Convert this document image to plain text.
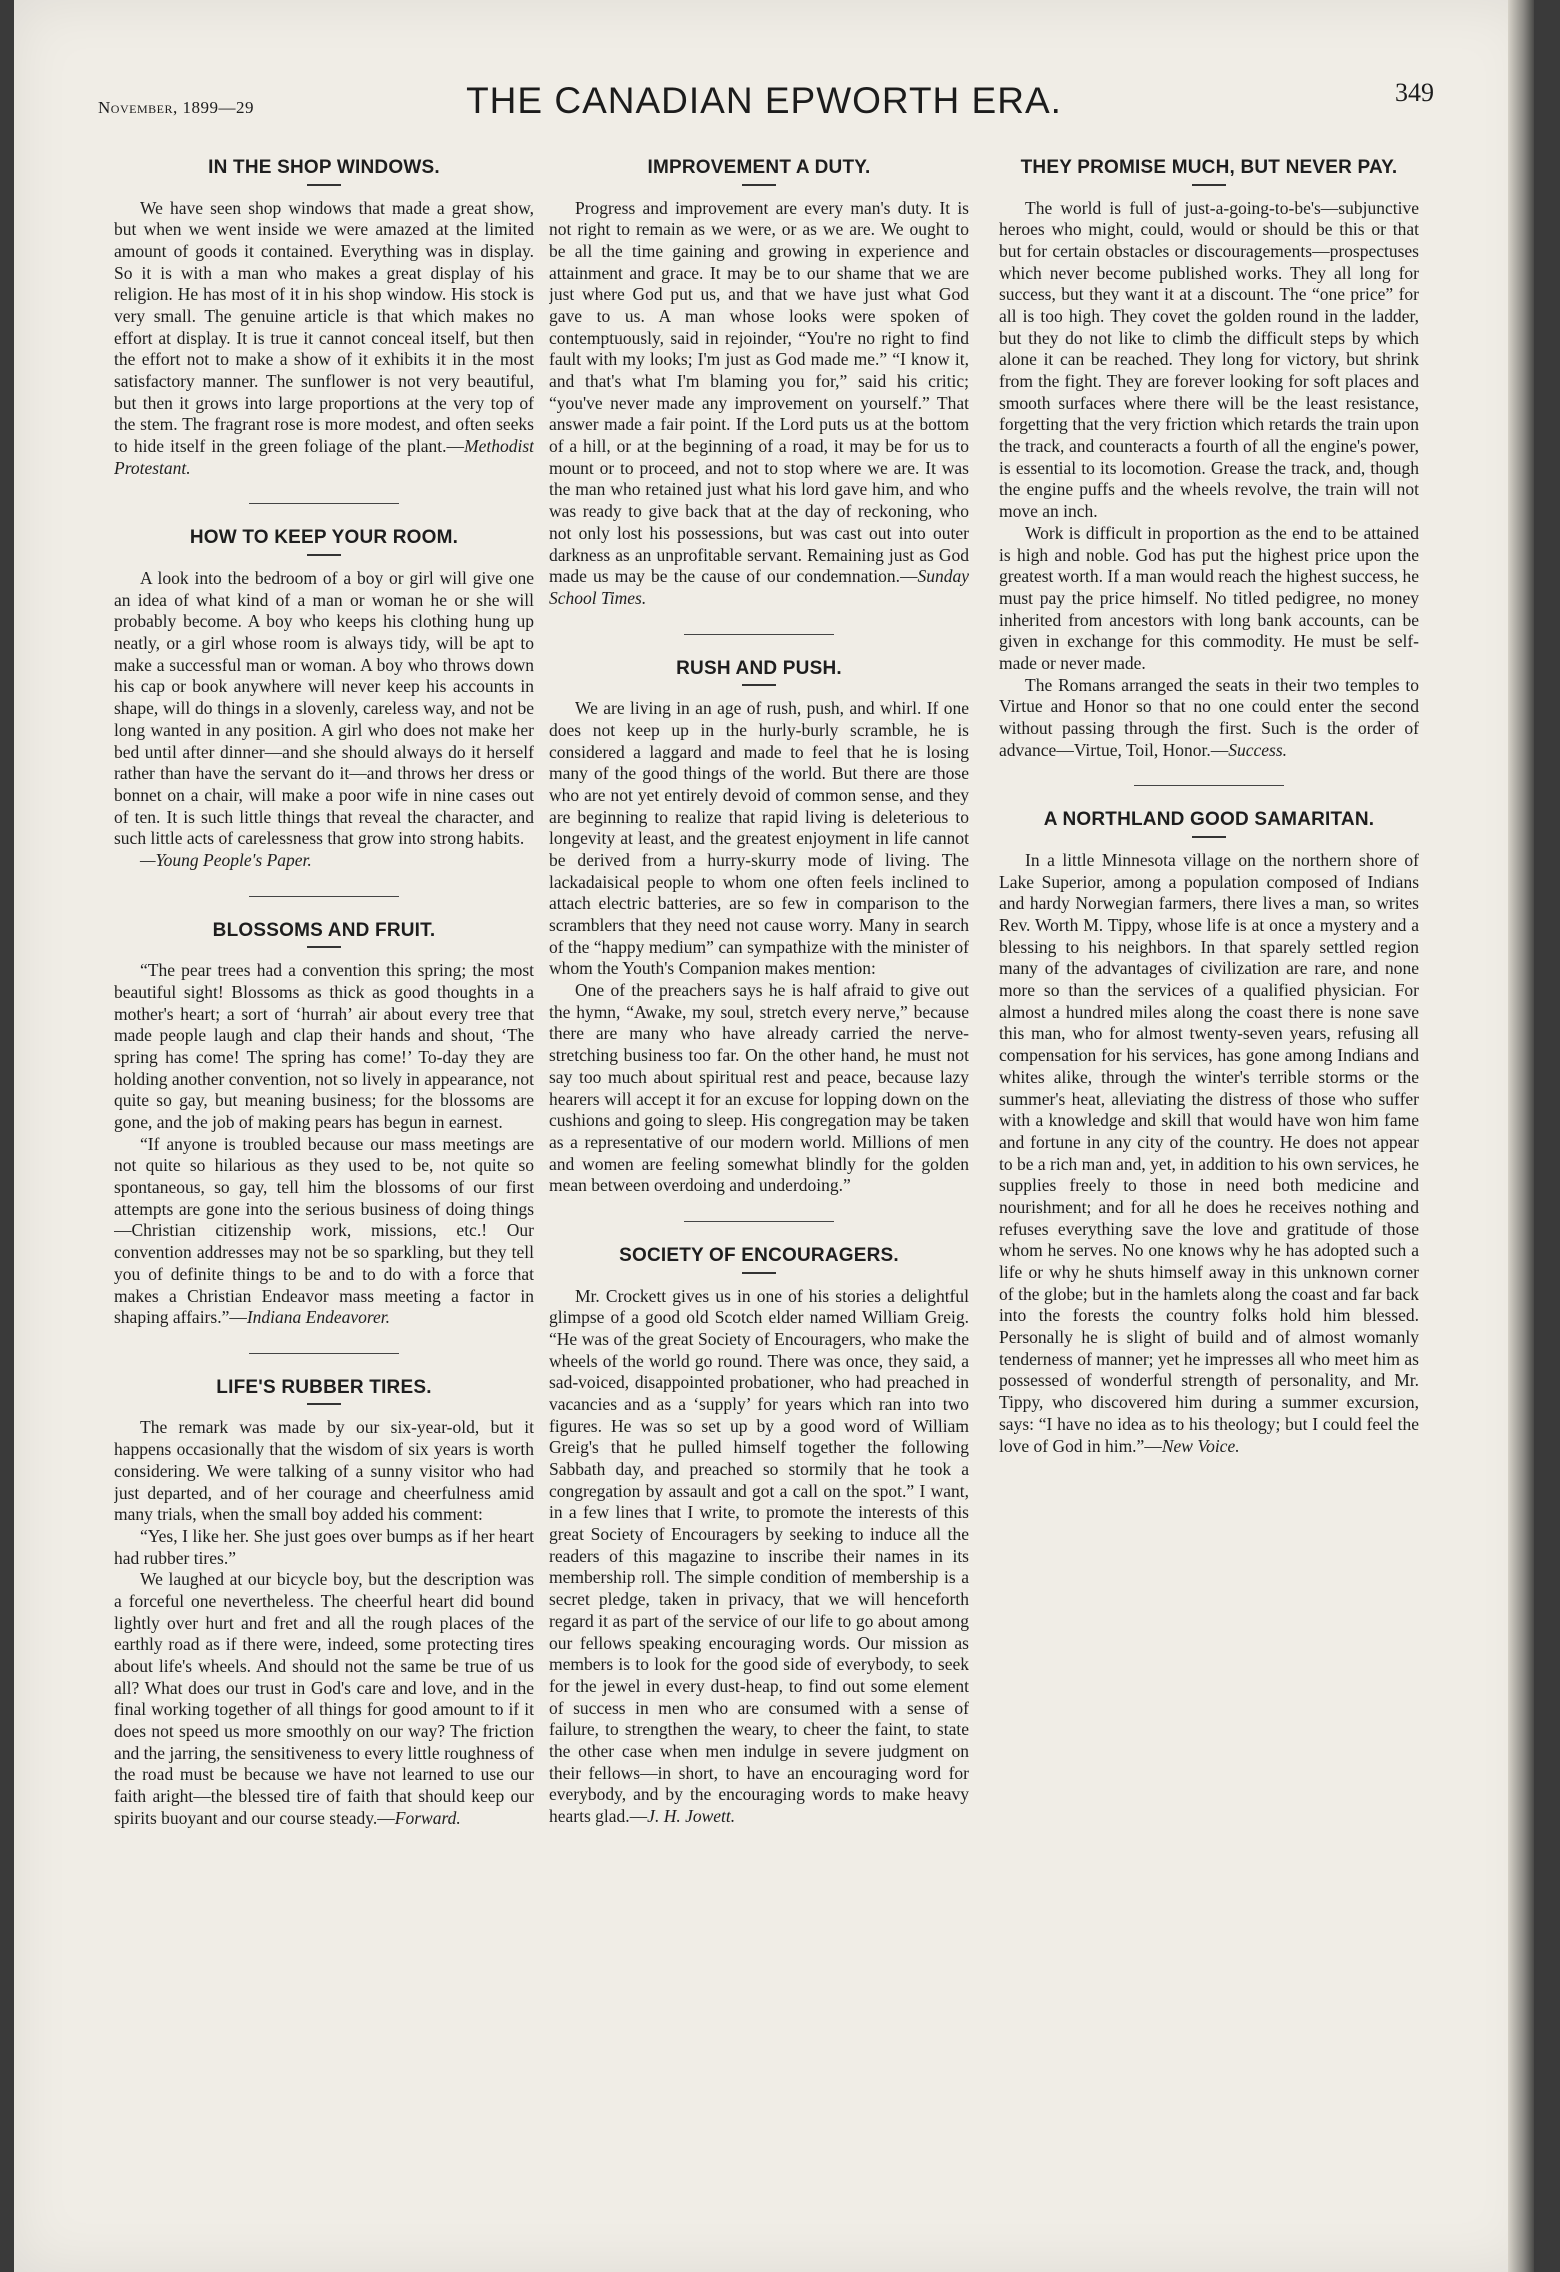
November, 1899—29	THE CANADIAN EPWORTH ERA.	349
IN THE SHOP WINDOWS.

We have seen shop windows that made a great show, but when we went inside we were amazed at the limited amount of goods it contained. Everything was in display. So it is with a man who makes a great display of his religion. He has most of it in his shop window. His stock is very small. The genuine article is that which makes no effort at display. It is true it cannot conceal itself, but then the effort not to make a show of it exhibits it in the most satisfactory manner. The sunflower is not very beautiful, but then it grows into large proportions at the very top of the stem. The fragrant rose is more modest, and often seeks to hide itself in the green foliage of the plant.—Methodist Protestant.

HOW TO KEEP YOUR ROOM.

A look into the bedroom of a boy or girl will give one an idea of what kind of a man or woman he or she will probably become. A boy who keeps his clothing hung up neatly, or a girl whose room is always tidy, will be apt to make a successful man or woman. A boy who throws down his cap or book anywhere will never keep his accounts in shape, will do things in a slovenly, careless way, and not be long wanted in any position. A girl who does not make her bed until after dinner—and she should always do it herself rather than have the servant do it—and throws her dress or bonnet on a chair, will make a poor wife in nine cases out of ten. It is such little things that reveal the character, and such little acts of carelessness that grow into strong habits.

—Young People's Paper.

BLOSSOMS AND FRUIT.

“The pear trees had a convention this spring; the most beautiful sight! Blossoms as thick as good thoughts in a mother's heart; a sort of ‘hurrah’ air about every tree that made people laugh and clap their hands and shout, ‘The spring has come! The spring has come!’ To-day they are holding another convention, not so lively in appearance, not quite so gay, but meaning business; for the blossoms are gone, and the job of making pears has begun in earnest.

“If anyone is troubled because our mass meetings are not quite so hilarious as they used to be, not quite so spontaneous, so gay, tell him the blossoms of our first attempts are gone into the serious business of doing things—Christian citizenship work, missions, etc.! Our convention addresses may not be so sparkling, but they tell you of definite things to be and to do with a force that makes a Christian Endeavor mass meeting a factor in shaping affairs.”—Indiana Endeavorer.

LIFE'S RUBBER TIRES.

The remark was made by our six-year-old, but it happens occasionally that the wisdom of six years is worth considering. We were talking of a sunny visitor who had just departed, and of her courage and cheerfulness amid many trials, when the small boy added his comment:

“Yes, I like her. She just goes over bumps as if her heart had rubber tires.”

We laughed at our bicycle boy, but the description was a forceful one nevertheless. The cheerful heart did bound lightly over hurt and fret and all the rough places of the earthly road as if there were, indeed, some protecting tires about life's wheels. And should not the same be true of us all? What does our trust in God's care and love, and in the final working together of all things for good amount to if it does not speed us more smoothly on our way? The friction and the jarring, the sensitiveness to every little roughness of the road must be because we have not learned to use our faith aright—the blessed tire of faith that should keep our spirits buoyant and our course steady.—Forward.

IMPROVEMENT A DUTY.

Progress and improvement are every man's duty. It is not right to remain as we were, or as we are. We ought to be all the time gaining and growing in experience and attainment and grace. It may be to our shame that we are just where God put us, and that we have just what God gave to us. A man whose looks were spoken of contemptuously, said in rejoinder, “You're no right to find fault with my looks; I'm just as God made me.” “I know it, and that's what I'm blaming you for,” said his critic; “you've never made any improvement on yourself.” That answer made a fair point. If the Lord puts us at the bottom of a hill, or at the beginning of a road, it may be for us to mount or to proceed, and not to stop where we are. It was the man who retained just what his lord gave him, and who was ready to give back that at the day of reckoning, who not only lost his possessions, but was cast out into outer darkness as an unprofitable servant. Remaining just as God made us may be the cause of our condemnation.—Sunday School Times.

RUSH AND PUSH.

We are living in an age of rush, push, and whirl. If one does not keep up in the hurly-burly scramble, he is considered a laggard and made to feel that he is losing many of the good things of the world. But there are those who are not yet entirely devoid of common sense, and they are beginning to realize that rapid living is deleterious to longevity at least, and the greatest enjoyment in life cannot be derived from a hurry-skurry mode of living. The lackadaisical people to whom one often feels inclined to attach electric batteries, are so few in comparison to the scramblers that they need not cause worry. Many in search of the “happy medium” can sympathize with the minister of whom the Youth's Companion makes mention:

One of the preachers says he is half afraid to give out the hymn, “Awake, my soul, stretch every nerve,” because there are many who have already carried the nerve-stretching business too far. On the other hand, he must not say too much about spiritual rest and peace, because lazy hearers will accept it for an excuse for lopping down on the cushions and going to sleep. His congregation may be taken as a representative of our modern world. Millions of men and women are feeling somewhat blindly for the golden mean between overdoing and underdoing.”

SOCIETY OF ENCOURAGERS.

Mr. Crockett gives us in one of his stories a delightful glimpse of a good old Scotch elder named William Greig. “He was of the great Society of Encouragers, who make the wheels of the world go round. There was once, they said, a sad-voiced, disappointed probationer, who had preached in vacancies and as a ‘supply’ for years which ran into two figures. He was so set up by a good word of William Greig's that he pulled himself together the following Sabbath day, and preached so stormily that he took a congregation by assault and got a call on the spot.” I want, in a few lines that I write, to promote the interests of this great Society of Encouragers by seeking to induce all the readers of this magazine to inscribe their names in its membership roll. The simple condition of membership is a secret pledge, taken in privacy, that we will henceforth regard it as part of the service of our life to go about among our fellows speaking encouraging words. Our mission as members is to look for the good side of everybody, to seek for the jewel in every dust-heap, to find out some element of success in men who are consumed with a sense of failure, to strengthen the weary, to cheer the faint, to state the other case when men indulge in severe judgment on their fellows—in short, to have an encouraging word for everybody, and by the encouraging words to make heavy hearts glad.—J. H. Jowett.

THEY PROMISE MUCH, BUT NEVER PAY.

The world is full of just-a-going-to-be's—subjunctive heroes who might, could, would or should be this or that but for certain obstacles or discouragements—prospectuses which never become published works. They all long for success, but they want it at a discount. The “one price” for all is too high. They covet the golden round in the ladder, but they do not like to climb the difficult steps by which alone it can be reached. They long for victory, but shrink from the fight. They are forever looking for soft places and smooth surfaces where there will be the least resistance, forgetting that the very friction which retards the train upon the track, and counteracts a fourth of all the engine's power, is essential to its locomotion. Grease the track, and, though the engine puffs and the wheels revolve, the train will not move an inch.

Work is difficult in proportion as the end to be attained is high and noble. God has put the highest price upon the greatest worth. If a man would reach the highest success, he must pay the price himself. No titled pedigree, no money inherited from ancestors with long bank accounts, can be given in exchange for this commodity. He must be self-made or never made.

The Romans arranged the seats in their two temples to Virtue and Honor so that no one could enter the second without passing through the first. Such is the order of advance—Virtue, Toil, Honor.—Success.

A NORTHLAND GOOD SAMARITAN.

In a little Minnesota village on the northern shore of Lake Superior, among a population composed of Indians and hardy Norwegian farmers, there lives a man, so writes Rev. Worth M. Tippy, whose life is at once a mystery and a blessing to his neighbors. In that sparely settled region many of the advantages of civilization are rare, and none more so than the services of a qualified physician. For almost a hundred miles along the coast there is none save this man, who for almost twenty-seven years, refusing all compensation for his services, has gone among Indians and whites alike, through the winter's terrible storms or the summer's heat, alleviating the distress of those who suffer with a knowledge and skill that would have won him fame and fortune in any city of the country. He does not appear to be a rich man and, yet, in addition to his own services, he supplies freely to those in need both medicine and nourishment; and for all he does he receives nothing and refuses everything save the love and gratitude of those whom he serves. No one knows why he has adopted such a life or why he shuts himself away in this unknown corner of the globe; but in the hamlets along the coast and far back into the forests the country folks hold him blessed. Personally he is slight of build and of almost womanly tenderness of manner; yet he impresses all who meet him as possessed of wonderful strength of personality, and Mr. Tippy, who discovered him during a summer excursion, says: “I have no idea as to his theology; but I could feel the love of God in him.”—New Voice.
